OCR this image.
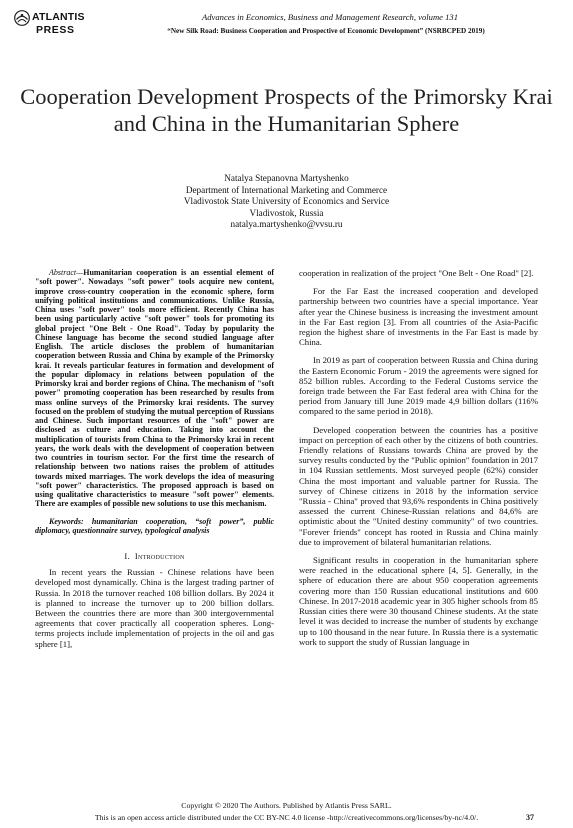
ATLANTIS
PRESS
Advances in Economics, Business and Management Research, volume 131
“New Silk Road: Business Cooperation and Prospective of Economic Development” (NSRBCPED 2019)
Cooperation Development Prospects of the Primorsky Krai and China in the Humanitarian Sphere
Natalya Stepanovna Martyshenko
Department of International Marketing and Commerce
Vladivostok State University of Economics and Service
Vladivostok, Russia
natalya.martyshenko@vvsu.ru

Abstract—Humanitarian cooperation is an essential element of "soft power". Nowadays "soft power" tools acquire new content, improve cross-country cooperation in the economic sphere, form unifying political institutions and communications. Unlike Russia, China uses "soft power" tools more efficient. Recently China has been using particularly active "soft power" tools for promoting its global project "One Belt - One Road". Today by popularity the Chinese language has become the second studied language after English. The article discloses the problem of humanitarian cooperation between Russia and China by example of the Primorsky krai. It reveals particular features in formation and development of the popular diplomacy in relations between population of the Primorsky krai and border regions of China. The mechanism of "soft power" promoting cooperation has been researched by results from mass online surveys of the Primorsky krai residents. The survey focused on the problem of studying the mutual perception of Russians and Chinese. Such important resources of the "soft" power are disclosed as culture and education. Taking into account the multiplication of tourists from China to the Primorsky krai in recent years, the work deals with the development of cooperation between two countries in tourism sector. For the first time the research of relationship between two nations raises the problem of attitudes towards mixed marriages. The work develops the idea of measuring "soft power" characteristics. The proposed approach is based on using qualitative characteristics to measure "soft power" elements. There are examples of possible new solutions to use this mechanism.

Keywords: humanitarian cooperation, “soft power”, public diplomacy, questionnaire survey, typological analysis

I. Introduction

In recent years the Russian - Chinese relations have been developed most dynamically. China is the largest trading partner of Russia. In 2018 the turnover reached 108 billion dollars. By 2024 it is planned to increase the turnover up to 200 billion dollars. Between the countries there are more than 300 intergovernmental agreements that cover practically all cooperation spheres. Long-terms projects include implementation of projects in the oil and gas sphere [1],

cooperation in realization of the project "One Belt - One Road" [2].

For the Far East the increased cooperation and developed partnership between two countries have a special importance. Year after year the Chinese business is increasing the investment amount in the Far East region [3]. From all countries of the Asia-Pacific region the highest share of investments in the Far East is made by China.

In 2019 as part of cooperation between Russia and China during the Eastern Economic Forum - 2019 the agreements were signed for 852 billion rubles. According to the Federal Customs service the foreign trade between the Far East federal area with China for the period from January till June 2019 made 4,9 billion dollars (116% compared to the same period in 2018).

Developed cooperation between the countries has a positive impact on perception of each other by the citizens of both countries. Friendly relations of Russians towards China are proved by the survey results conducted by the "Public opinion" foundation in 2017 in 104 Russian settlements. Most surveyed people (62%) consider China the most important and valuable partner for Russia. The survey of Chinese citizens in 2018 by the information service "Russia - China" proved that 93,6% respondents in China positively assessed the current Chinese-Russian relations and 84,6% are optimistic about the "United destiny community" of two countries. "Forever friends" concept has rooted in Russia and China mainly due to improvement of bilateral humanitarian relations.

Significant results in cooperation in the humanitarian sphere were reached in the educational sphere [4, 5]. Generally, in the sphere of education there are about 950 cooperation agreements covering more than 150 Russian educational institutions and 600 Chinese. In 2017-2018 academic year in 305 higher schools from 85 Russian cities there were 30 thousand Chinese students. At the state level it was decided to increase the number of students by exchange up to 100 thousand in the near future. In Russia there is a systematic work to support the study of Russian language in

Copyright © 2020 The Authors. Published by Atlantis Press SARL.
This is an open access article distributed under the CC BY-NC 4.0 license -http://creativecommons.org/licenses/by-nc/4.0/.	37
